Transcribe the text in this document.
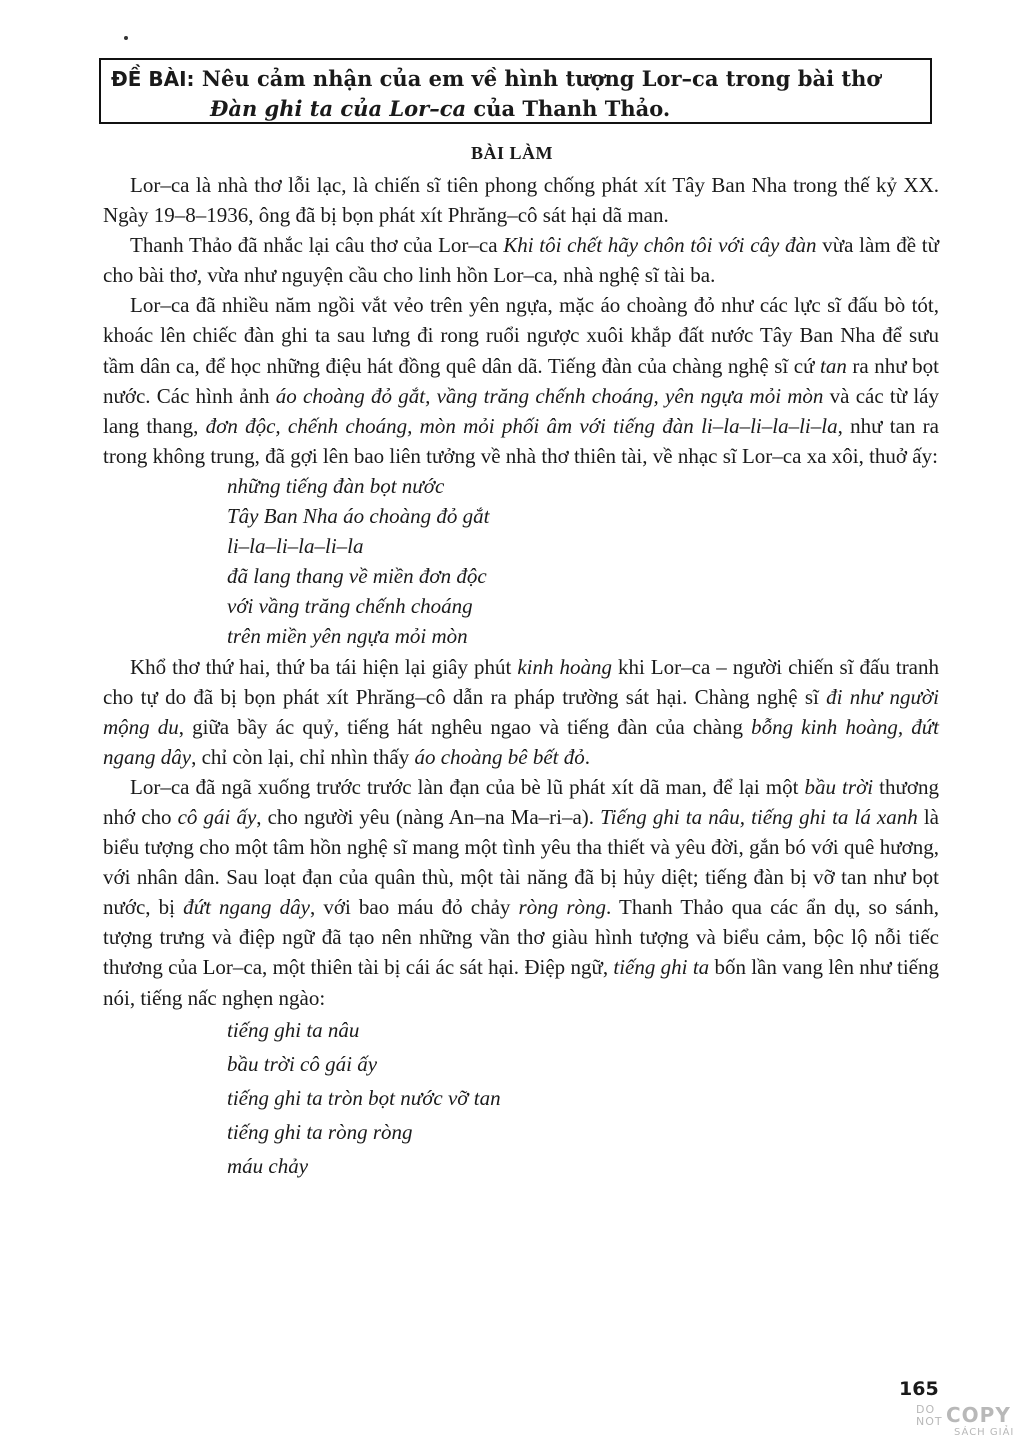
ĐỀ BÀI: Nêu cảm nhận của em về hình tượng Lor–ca trong bài thơ
Đàn ghi ta của Lor–ca của Thanh Thảo.
BÀI LÀM

Lor–ca là nhà thơ lỗi lạc, là chiến sĩ tiên phong chống phát xít Tây Ban Nha trong thế kỷ XX. Ngày 19–8–1936, ông đã bị bọn phát xít Phrăng–cô sát hại dã man.

Thanh Thảo đã nhắc lại câu thơ của Lor–ca Khi tôi chết hãy chôn tôi với cây đàn vừa làm đề từ cho bài thơ, vừa như nguyện cầu cho linh hồn Lor–ca, nhà nghệ sĩ tài ba.

Lor–ca đã nhiều năm ngồi vắt vẻo trên yên ngựa, mặc áo choàng đỏ như các lực sĩ đấu bò tót, khoác lên chiếc đàn ghi ta sau lưng đi rong ruổi ngược xuôi khắp đất nước Tây Ban Nha để sưu tầm dân ca, để học những điệu hát đồng quê dân dã. Tiếng đàn của chàng nghệ sĩ cứ tan ra như bọt nước. Các hình ảnh áo choàng đỏ gắt, vầng trăng chếnh choáng, yên ngựa mỏi mòn và các từ láy lang thang, đơn độc, chếnh choáng, mòn mỏi phối âm với tiếng đàn li–la–li–la–li–la, như tan ra trong không trung, đã gợi lên bao liên tưởng về nhà thơ thiên tài, về nhạc sĩ Lor–ca xa xôi, thuở ấy:

những tiếng đàn bọt nước
Tây Ban Nha áo choàng đỏ gắt
li–la–li–la–li–la
đã lang thang về miền đơn độc
với vầng trăng chếnh choáng
trên miền yên ngựa mỏi mòn

Khổ thơ thứ hai, thứ ba tái hiện lại giây phút kinh hoàng khi Lor–ca – người chiến sĩ đấu tranh cho tự do đã bị bọn phát xít Phrăng–cô dẫn ra pháp trường sát hại. Chàng nghệ sĩ đi như người mộng du, giữa bầy ác quỷ, tiếng hát nghêu ngao và tiếng đàn của chàng bỗng kinh hoàng, đứt ngang dây, chỉ còn lại, chỉ nhìn thấy áo choàng bê bết đỏ.

Lor–ca đã ngã xuống trước trước làn đạn của bè lũ phát xít dã man, để lại một bầu trời thương nhớ cho cô gái ấy, cho người yêu (nàng An–na Ma–ri–a). Tiếng ghi ta nâu, tiếng ghi ta lá xanh là biểu tượng cho một tâm hồn nghệ sĩ mang một tình yêu tha thiết và yêu đời, gắn bó với quê hương, với nhân dân. Sau loạt đạn của quân thù, một tài năng đã bị hủy diệt; tiếng đàn bị vỡ tan như bọt nước, bị đứt ngang dây, với bao máu đỏ chảy ròng ròng. Thanh Thảo qua các ẩn dụ, so sánh, tượng trưng và điệp ngữ đã tạo nên những vần thơ giàu hình tượng và biểu cảm, bộc lộ nỗi tiếc thương của Lor–ca, một thiên tài bị cái ác sát hại. Điệp ngữ, tiếng ghi ta bốn lần vang lên như tiếng nói, tiếng nấc nghẹn ngào:

tiếng ghi ta nâu
bầu trời cô gái ấy
tiếng ghi ta tròn bọt nước vỡ tan
tiếng ghi ta ròng ròng
máu chảy
165
DO
NOT COPY
SÁCH GIẢI
